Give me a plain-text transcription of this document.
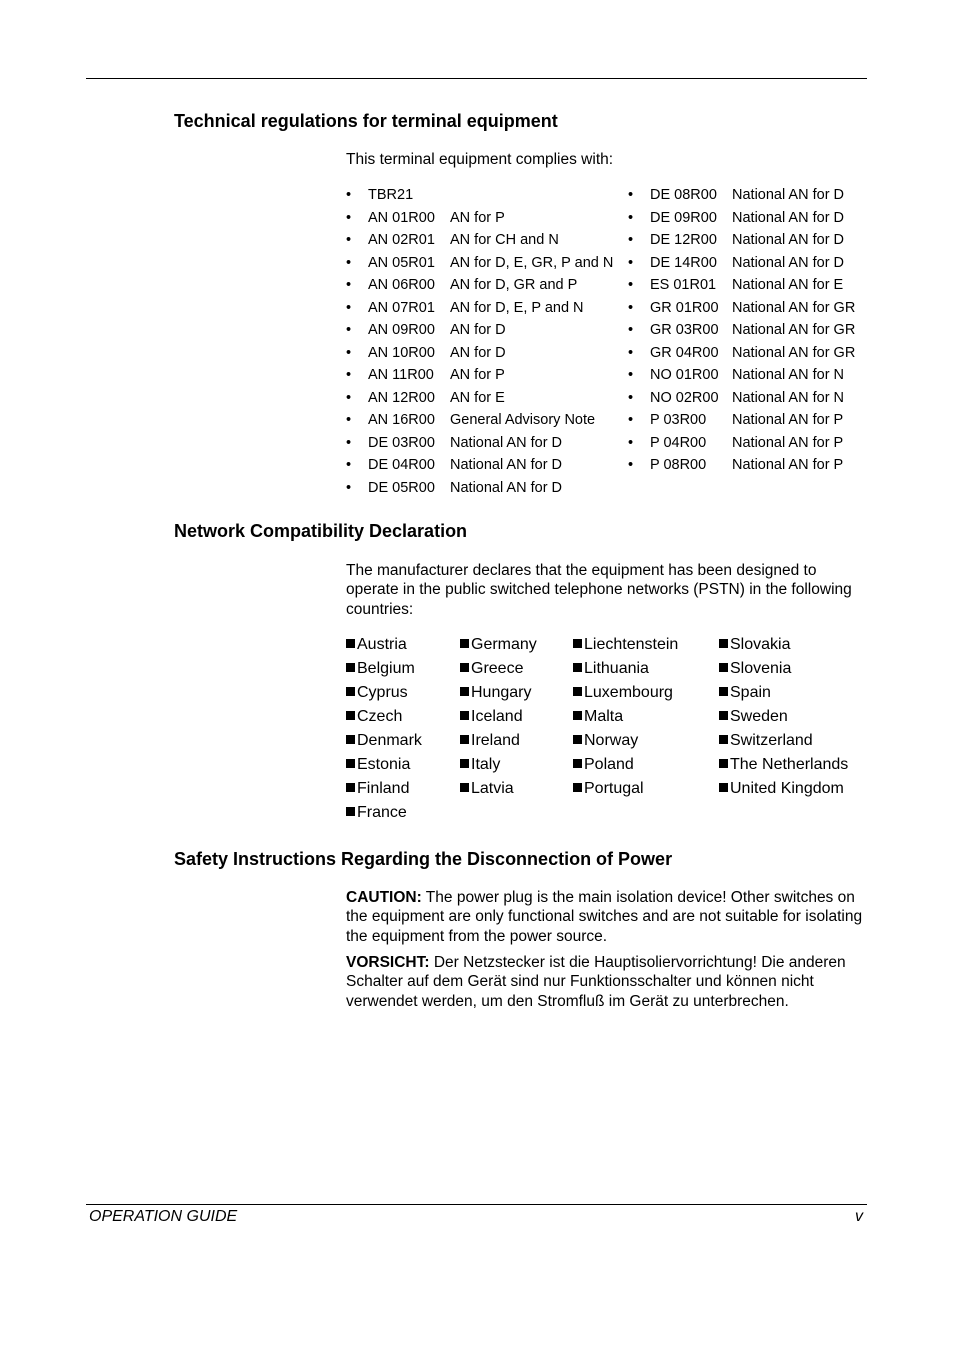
Technical regulations for terminal equipment

This terminal equipment complies with:

• TBR21
• AN 01R00 AN for P
• AN 02R01 AN for CH and N
• AN 05R01 AN for D, E, GR, P and N
• AN 06R00 AN for D, GR and P
• AN 07R01 AN for D, E, P and N
• AN 09R00 AN for D
• AN 10R00 AN for D
• AN 11R00 AN for P
• AN 12R00 AN for E
• AN 16R00 General Advisory Note
• DE 03R00 National AN for D
• DE 04R00 National AN for D
• DE 05R00 National AN for D
• DE 08R00 National AN for D
• DE 09R00 National AN for D
• DE 12R00 National AN for D
• DE 14R00 National AN for D
• ES 01R01 National AN for E
• GR 01R00 National AN for GR
• GR 03R00 National AN for GR
• GR 04R00 National AN for GR
• NO 01R00 National AN for N
• NO 02R00 National AN for N
• P 03R00 National AN for P
• P 04R00 National AN for P
• P 08R00 National AN for P
Network Compatibility Declaration

The manufacturer declares that the equipment has been designed to operate in the public switched telephone networks (PSTN) in the following countries:

Austria
Belgium
Cyprus
Czech
Denmark
Estonia
Finland
France
Germany
Greece
Hungary
Iceland
Ireland
Italy
Latvia
Liechtenstein
Lithuania
Luxembourg
Malta
Norway
Poland
Portugal
Slovakia
Slovenia
Spain
Sweden
Switzerland
The Netherlands
United Kingdom
Safety Instructions Regarding the Disconnection of Power

CAUTION: The power plug is the main isolation device! Other switches on the equipment are only functional switches and are not suitable for isolating the equipment from the power source.

VORSICHT: Der Netzstecker ist die Hauptisoliervorrichtung! Die anderen Schalter auf dem Gerät sind nur Funktionsschalter und können nicht verwendet werden, um den Stromfluß im Gerät zu unterbrechen.

OPERATION GUIDE	v
